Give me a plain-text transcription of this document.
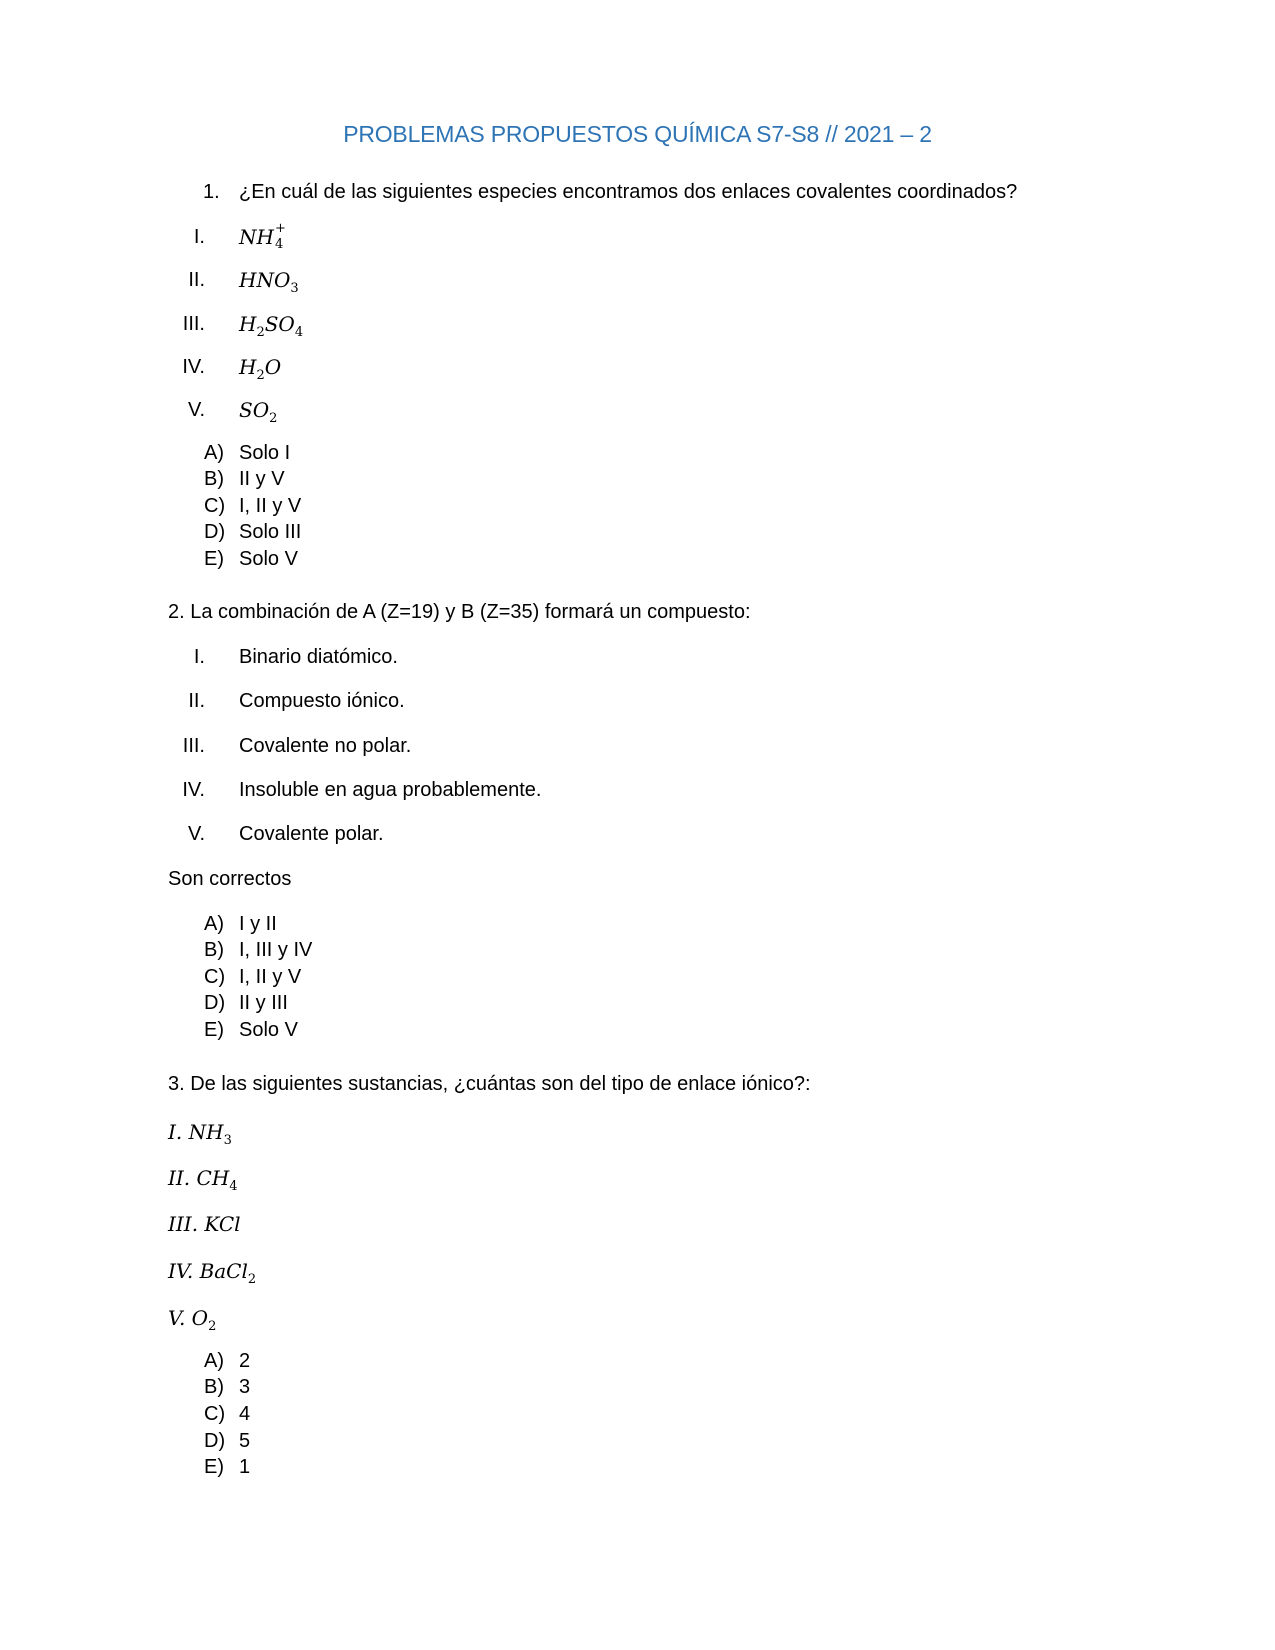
PROBLEMAS PROPUESTOS QUÍMICA S7-S8 // 2021 – 2
1. ¿En cuál de las siguientes especies encontramos dos enlaces covalentes coordinados?
I. NH +
4
II. $HNO_3$
III. $H_2SO_4$
IV. $H_2O$
V. $SO_2$
A) Solo I
B) II y V
C) I, II y V
D) Solo III
E) Solo V
2. La combinación de A (Z=19) y B (Z=35) formará un compuesto:
I. Binario diatómico.
II. Compuesto iónico.
III. Covalente no polar.
IV. Insoluble en agua probablemente.
V. Covalente polar.
Son correctos
A) I y II
B) I, III y IV
C) I, II y V
D) II y III
E) Solo V
3. De las siguientes sustancias, ¿cuántas son del tipo de enlace iónico?:
I. $NH_3$
II. $CH_4$
III. KCl
IV. BaCl$_2$
V. $O_2$
A) 2
B) 3
C) 4
D) 5
E) 1
